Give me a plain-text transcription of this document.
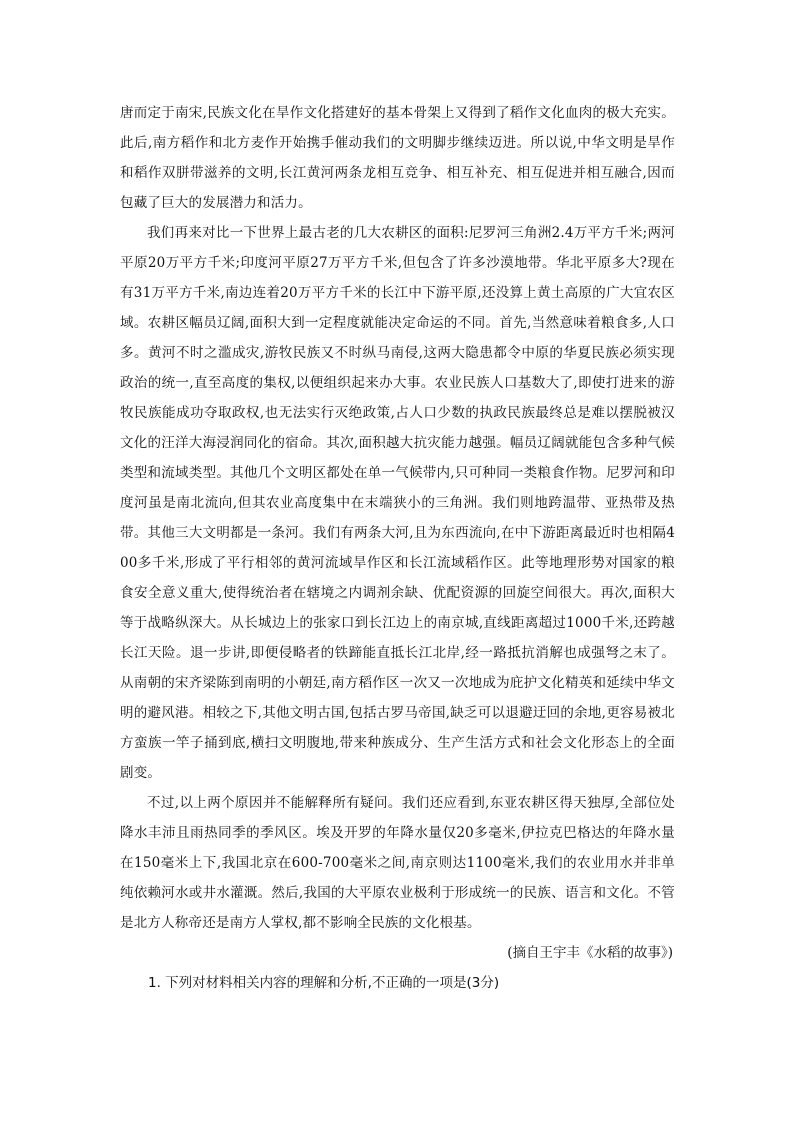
唐而定于南宋,民族文化在旱作文化搭建好的基本骨架上又得到了稻作文化血肉的极大充实。此后,南方稻作和北方麦作开始携手催动我们的文明脚步继续迈进。所以说,中华文明是旱作和稻作双胼带滋养的文明,长江黄河两条龙相互竞争、相互补充、相互促进并相互融合,因而包藏了巨大的发展潜力和活力。

我们再来对比一下世界上最古老的几大农耕区的面积:尼罗河三角洲2.4万平方千米;两河平原20万平方千米;印度河平原27万平方千米,但包含了许多沙漠地带。华北平原多大?现在有31万平方千米,南边连着20万平方千米的长江中下游平原,还没算上黄土高原的广大宜农区域。农耕区幅员辽阔,面积大到一定程度就能决定命运的不同。首先,当然意味着粮食多,人口多。黄河不时之滥成灾,游牧民族又不时纵马南侵,这两大隐患都令中原的华夏民族必须实现政治的统一,直至高度的集权,以便组织起来办大事。农业民族人口基数大了,即使打进来的游牧民族能成功夺取政权,也无法实行灭绝政策,占人口少数的执政民族最终总是难以摆脱被汉文化的汪洋大海浸润同化的宿命。其次,面积越大抗灾能力越强。幅员辽阔就能包含多种气候类型和流域类型。其他几个文明区都处在单一气候带内,只可种同一类粮食作物。尼罗河和印度河虽是南北流向,但其农业高度集中在末端狭小的三角洲。我们则地跨温带、亚热带及热带。其他三大文明都是一条河。我们有两条大河,且为东西流向,在中下游距离最近时也相隔400多千米,形成了平行相邻的黄河流域旱作区和长江流域稻作区。此等地理形势对国家的粮食安全意义重大,使得统治者在辖境之内调剂余缺、优配资源的回旋空间很大。再次,面积大等于战略纵深大。从长城边上的张家口到长江边上的南京城,直线距离超过1000千米,还跨越长江天险。退一步讲,即便侵略者的铁蹄能直抵长江北岸,经一路抵抗消解也成强弩之末了。从南朝的宋齐梁陈到南明的小朝廷,南方稻作区一次又一次地成为庇护文化精英和延续中华文明的避风港。相较之下,其他文明古国,包括古罗马帝国,缺乏可以退避迂回的余地,更容易被北方蛮族一竿子捅到底,横扫文明腹地,带来种族成分、生产生活方式和社会文化形态上的全面剧变。

不过,以上两个原因并不能解释所有疑问。我们还应看到,东亚农耕区得天独厚,全部位处降水丰沛且雨热同季的季风区。埃及开罗的年降水量仅20多毫米,伊拉克巴格达的年降水量在150毫米上下,我国北京在600-700毫米之间,南京则达1100毫米,我们的农业用水并非单纯依赖河水或井水灌溉。然后,我国的大平原农业极利于形成统一的民族、语言和文化。不管是北方人称帝还是南方人掌权,都不影响全民族的文化根基。

(摘自王宇丰《水稻的故事》)

1. 下列对材料相关内容的理解和分析,不正确的一项是(3分)
